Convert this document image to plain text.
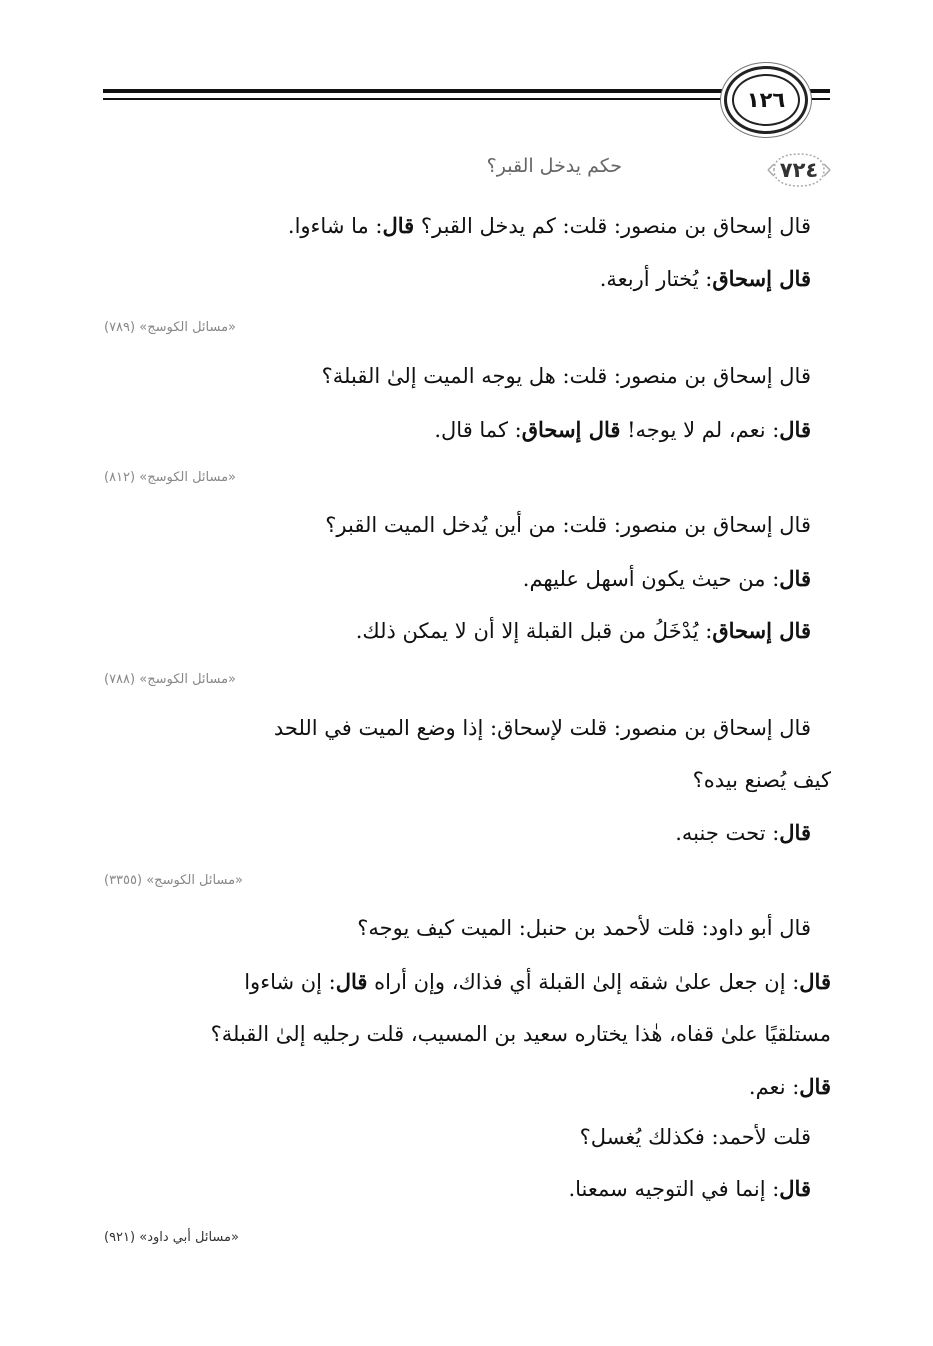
١٢٦
٧٢٤
حكم يدخل القبر؟
قال إسحاق بن منصور: قلت: كم يدخل القبر؟ قال: ما شاءوا.
قال إسحاق: يُختار أربعة.
«مسائل الكوسج» (٧٨٩)
قال إسحاق بن منصور: قلت: هل يوجه الميت إلىٰ القبلة؟
قال: نعم، لم لا يوجه! قال إسحاق: كما قال.
«مسائل الكوسج» (٨١٢)
قال إسحاق بن منصور: قلت: من أين يُدخل الميت القبر؟
قال: من حيث يكون أسهل عليهم.
قال إسحاق: يُدْخَلُ من قبل القبلة إلا أن لا يمكن ذلك.
«مسائل الكوسج» (٧٨٨)
قال إسحاق بن منصور: قلت لإسحاق: إذا وضع الميت في اللحد
كيف يُصنع بيده؟
قال: تحت جنبه.
«مسائل الكوسج» (٣٣٥٥)
قال أبو داود: قلت لأحمد بن حنبل: الميت كيف يوجه؟
قال: إن جعل علىٰ شقه إلىٰ القبلة أي فذاك، وإن أراه قال: إن شاءوا
مستلقيًا علىٰ قفاه، هٰذا يختاره سعيد بن المسيب، قلت رجليه إلىٰ القبلة؟
قال: نعم.
قلت لأحمد: فكذلك يُغسل؟
قال: إنما في التوجيه سمعنا.
«مسائل أبي داود» (٩٢١)
